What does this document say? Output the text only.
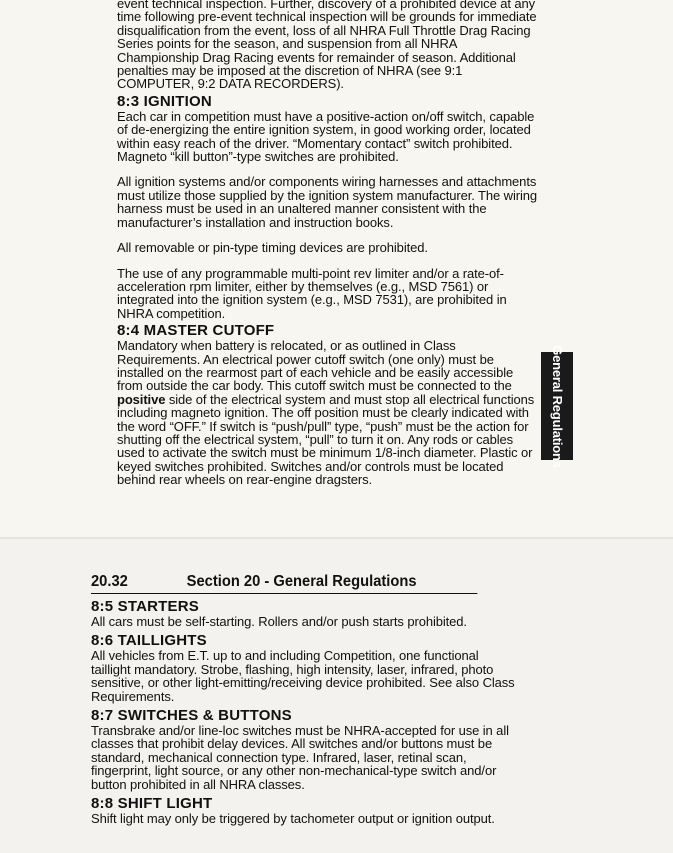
event technical inspection. Further, discovery of a prohibited device at any time following pre-event technical inspection will be grounds for immediate disqualification from the event, loss of all NHRA Full Throttle Drag Racing Series points for the season, and suspension from all NHRA Championship Drag Racing events for remainder of season. Additional penalties may be imposed at the discretion of NHRA (see 9:1 COMPUTER, 9:2 DATA RECORDERS).

8:3 IGNITION

Each car in competition must have a positive-action on/off switch, capable of de-energizing the entire ignition system, in good working order, located within easy reach of the driver. “Momentary contact” switch prohibited. Magneto “kill button”-type switches are prohibited.

All ignition systems and/or components wiring harnesses and attachments must utilize those supplied by the ignition system manufacturer. The wiring harness must be used in an unaltered manner consistent with the manufacturer’s installation and instruction books.

All removable or pin-type timing devices are prohibited.

The use of any programmable multi-point rev limiter and/or a rate-of-acceleration rpm limiter, either by themselves (e.g., MSD 7561) or integrated into the ignition system (e.g., MSD 7531), are prohibited in NHRA competition.

8:4 MASTER CUTOFF

Mandatory when battery is relocated, or as outlined in Class Requirements. An electrical power cutoff switch (one only) must be installed on the rearmost part of each vehicle and be easily accessible from outside the car body. This cutoff switch must be connected to the positive side of the electrical system and must stop all electrical functions including magneto ignition. The off position must be clearly indicated with the word “OFF.” If switch is “push/pull” type, “push” must be the action for shutting off the electrical system, “pull” to turn it on. Any rods or cables used to activate the switch must be minimum 1/8-inch diameter. Plastic or keyed switches prohibited. Switches and/or controls must be located behind rear wheels on rear-engine dragsters.

General Regulations
20.32	Section 20 - General Regulations
8:5 STARTERS

All cars must be self-starting. Rollers and/or push starts prohibited.

8:6 TAILLIGHTS

All vehicles from E.T. up to and including Competition, one functional taillight mandatory. Strobe, flashing, high intensity, laser, infrared, photo sensitive, or other light-emitting/receiving device prohibited. See also Class Requirements.

8:7 SWITCHES & BUTTONS

Transbrake and/or line-loc switches must be NHRA-accepted for use in all classes that prohibit delay devices. All switches and/or buttons must be standard, mechanical connection type. Infrared, laser, retinal scan, fingerprint, light source, or any other non-mechanical-type switch and/or button prohibited in all NHRA classes.

8:8 SHIFT LIGHT

Shift light may only be triggered by tachometer output or ignition output.
